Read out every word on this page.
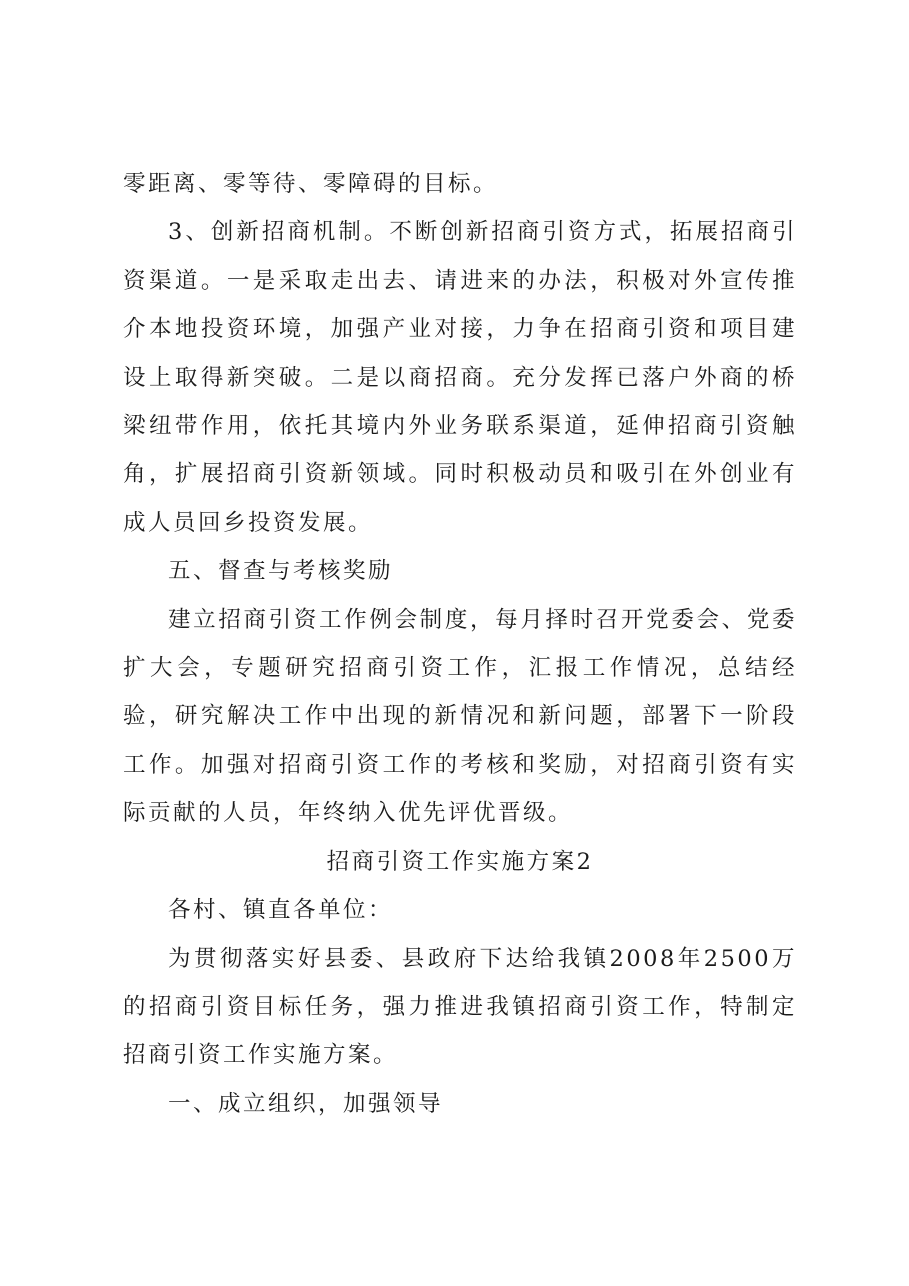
零距离、零等待、零障碍的目标。

3、创新招商机制。不断创新招商引资方式，拓展招商引资渠道。一是采取走出去、请进来的办法，积极对外宣传推介本地投资环境，加强产业对接，力争在招商引资和项目建设上取得新突破。二是以商招商。充分发挥已落户外商的桥梁纽带作用，依托其境内外业务联系渠道，延伸招商引资触角，扩展招商引资新领域。同时积极动员和吸引在外创业有成人员回乡投资发展。

五、督查与考核奖励

建立招商引资工作例会制度，每月择时召开党委会、党委扩大会，专题研究招商引资工作，汇报工作情况，总结经验，研究解决工作中出现的新情况和新问题，部署下一阶段工作。加强对招商引资工作的考核和奖励，对招商引资有实际贡献的人员，年终纳入优先评优晋级。

招商引资工作实施方案2

各村、镇直各单位：

为贯彻落实好县委、县政府下达给我镇2008年2500万的招商引资目标任务，强力推进我镇招商引资工作，特制定招商引资工作实施方案。

一、成立组织，加强领导
